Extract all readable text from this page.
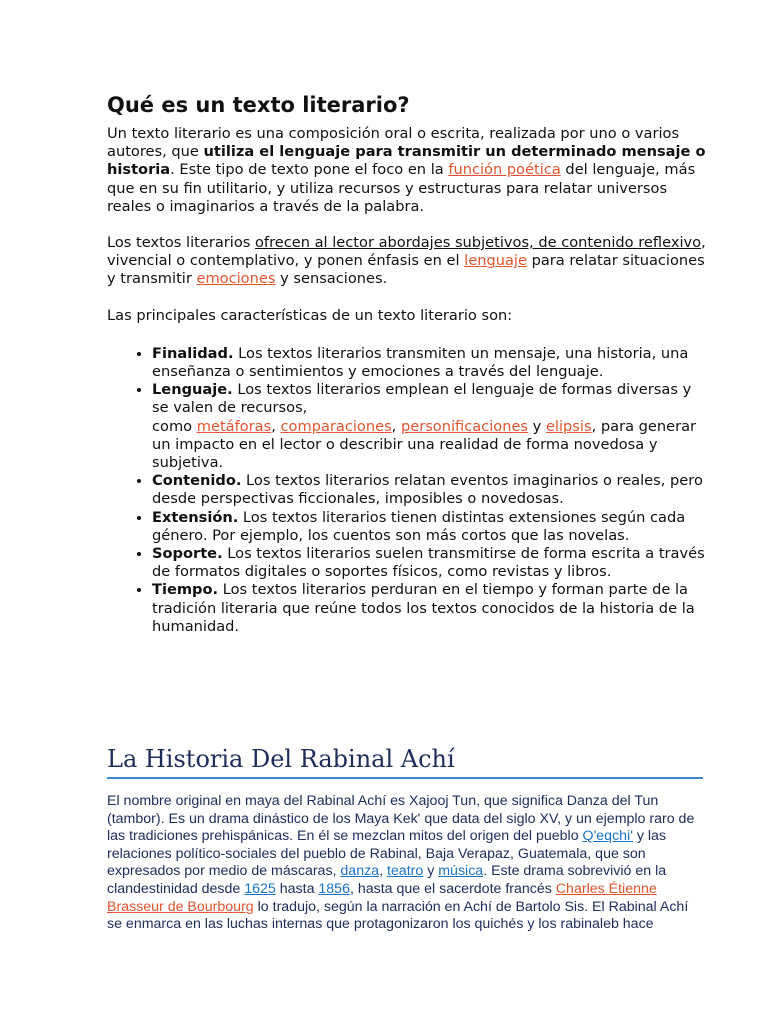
Qué es un texto literario?

Un texto literario es una composición oral o escrita, realizada por uno o varios autores, que utiliza el lenguaje para transmitir un determinado mensaje o historia. Este tipo de texto pone el foco en la función poética del lenguaje, más que en su fin utilitario, y utiliza recursos y estructuras para relatar universos reales o imaginarios a través de la palabra.

Los textos literarios ofrecen al lector abordajes subjetivos, de contenido reflexivo, vivencial o contemplativo, y ponen énfasis en el lenguaje para relatar situaciones y transmitir emociones y sensaciones.

Las principales características de un texto literario son:

• Finalidad. Los textos literarios transmiten un mensaje, una historia, una enseñanza o sentimientos y emociones a través del lenguaje.
• Lenguaje. Los textos literarios emplean el lenguaje de formas diversas y se valen de recursos,
como metáforas, comparaciones, personificaciones y elipsis, para generar un impacto en el lector o describir una realidad de forma novedosa y subjetiva.
• Contenido. Los textos literarios relatan eventos imaginarios o reales, pero desde perspectivas ficcionales, imposibles o novedosas.
• Extensión. Los textos literarios tienen distintas extensiones según cada género. Por ejemplo, los cuentos son más cortos que las novelas.
• Soporte. Los textos literarios suelen transmitirse de forma escrita a través de formatos digitales o soportes físicos, como revistas y libros.
• Tiempo. Los textos literarios perduran en el tiempo y forman parte de la tradición literaria que reúne todos los textos conocidos de la historia de la humanidad.
La Historia Del Rabinal Achí

El nombre original en maya del Rabinal Achí es Xajooj Tun, que significa Danza del Tun (tambor). Es un drama dinástico de los Maya Kek' que data del siglo XV, y un ejemplo raro de las tradiciones prehispánicas. En él se mezclan mitos del origen del pueblo Q'eqchi' y las relaciones político-sociales del pueblo de Rabinal, Baja Verapaz, Guatemala, que son expresados por medio de máscaras, danza, teatro y música. Este drama sobrevivió en la clandestinidad desde 1625 hasta 1856, hasta que el sacerdote francés Charles Étienne Brasseur de Bourbourg lo tradujo, según la narración en Achí de Bartolo Sis. El Rabinal Achí se enmarca en las luchas internas que protagonizaron los quichés y los rabinaleb hace
